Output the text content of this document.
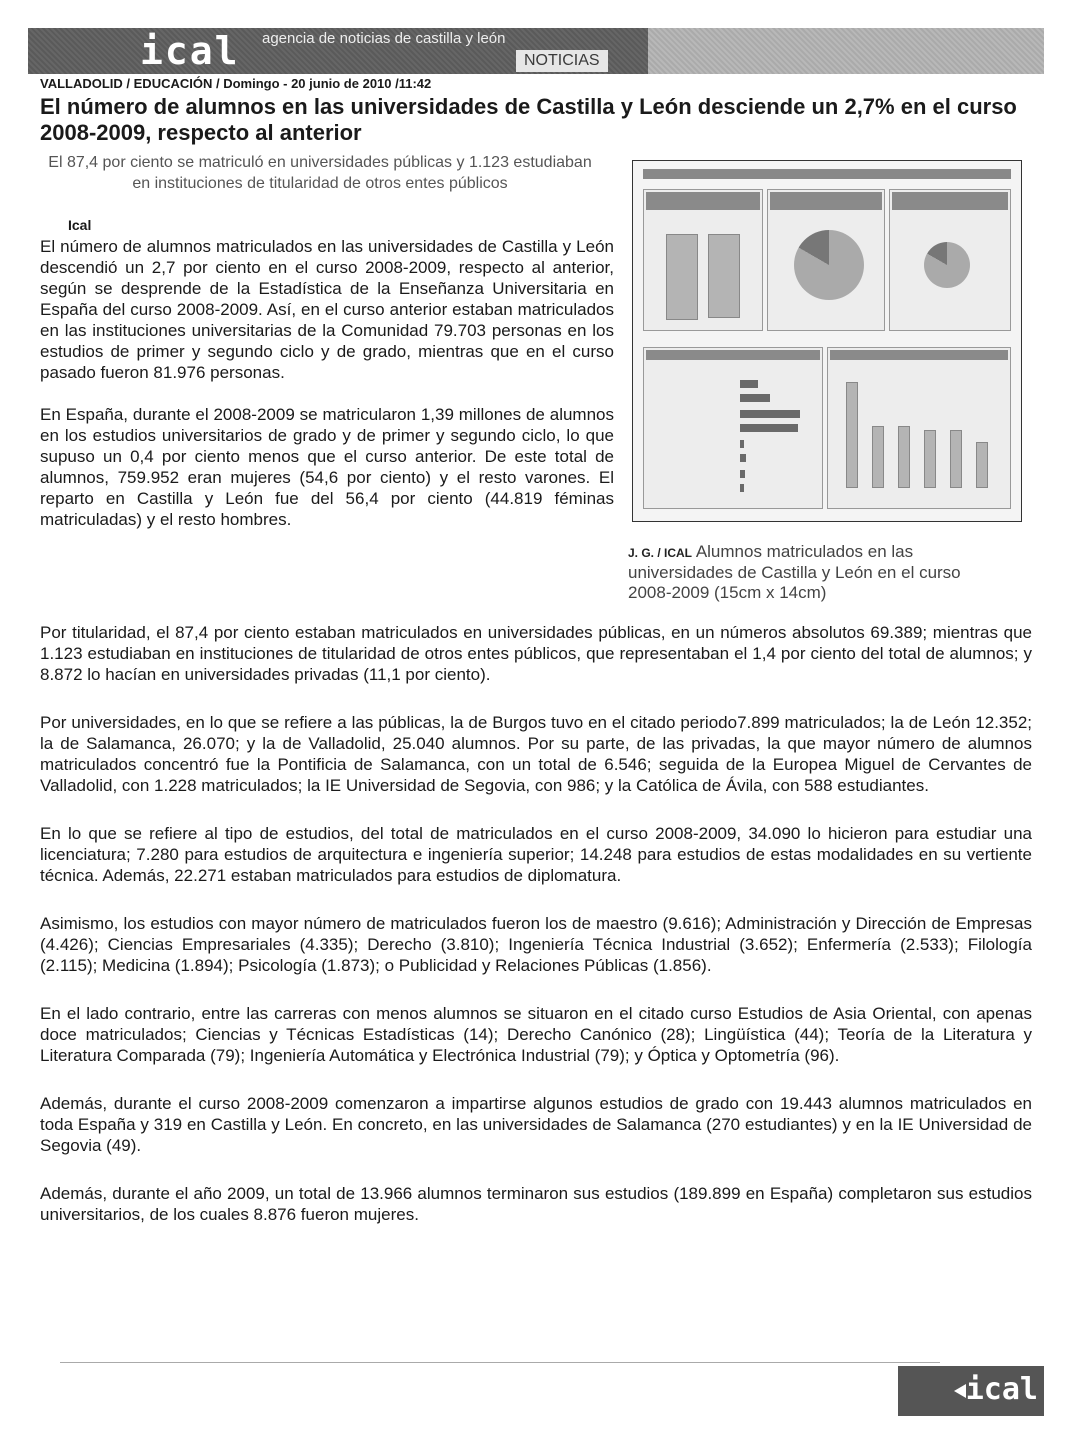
ical agencia de noticias de castilla y león
NOTICIAS
VALLADOLID / EDUCACIÓN / Domingo - 20 junio de 2010 /11:42
El número de alumnos en las universidades de Castilla y León desciende un 2,7% en el curso 2008-2009, respecto al anterior
El 87,4 por ciento se matriculó en universidades públicas y 1.123 estudiaban en instituciones de titularidad de otros entes públicos
Ical

El número de alumnos matriculados en las universidades de Castilla y León descendió un 2,7 por ciento en el curso 2008-2009, respecto al anterior, según se desprende de la Estadística de la Enseñanza Universitaria en España del curso 2008-2009. Así, en el curso anterior estaban matriculados en las instituciones universitarias de la Comunidad 79.703 personas en los estudios de primer y segundo ciclo y de grado, mientras que en el curso pasado fueron 81.976 personas.

En España, durante el 2008-2009 se matricularon 1,39 millones de alumnos en los estudios universitarios de grado y de primer y segundo ciclo, lo que supuso un 0,4 por ciento menos que el curso anterior. De este total de alumnos, 759.952 eran mujeres (54,6 por ciento) y el resto varones. El reparto en Castilla y León fue del 56,4 por ciento (44.819 féminas matriculadas) y el resto hombres.

J. G. / ICAL Alumnos matriculados en las universidades de Castilla y León en el curso 2008-2009 (15cm x 14cm)

Por titularidad, el 87,4 por ciento estaban matriculados en universidades públicas, en un números absolutos 69.389; mientras que 1.123 estudiaban en instituciones de titularidad de otros entes públicos, que representaban el 1,4 por ciento del total de alumnos; y 8.872 lo hacían en universidades privadas (11,1 por ciento).

Por universidades, en lo que se refiere a las públicas, la de Burgos tuvo en el citado periodo7.899 matriculados; la de León 12.352; la de Salamanca, 26.070; y la de Valladolid, 25.040 alumnos. Por su parte, de las privadas, la que mayor número de alumnos matriculados concentró fue la Pontificia de Salamanca, con un total de 6.546; seguida de la Europea Miguel de Cervantes de Valladolid, con 1.228 matriculados; la IE Universidad de Segovia, con 986; y la Católica de Ávila, con 588 estudiantes.

En lo que se refiere al tipo de estudios, del total de matriculados en el curso 2008-2009, 34.090 lo hicieron para estudiar una licenciatura; 7.280 para estudios de arquitectura e ingeniería superior; 14.248 para estudios de estas modalidades en su vertiente técnica. Además, 22.271 estaban matriculados para estudios de diplomatura.

Asimismo, los estudios con mayor número de matriculados fueron los de maestro (9.616); Administración y Dirección de Empresas (4.426); Ciencias Empresariales (4.335); Derecho (3.810); Ingeniería Técnica Industrial (3.652); Enfermería (2.533); Filología (2.115); Medicina (1.894); Psicología (1.873); o Publicidad y Relaciones Públicas (1.856).

En el lado contrario, entre las carreras con menos alumnos se situaron en el citado curso Estudios de Asia Oriental, con apenas doce matriculados; Ciencias y Técnicas Estadísticas (14); Derecho Canónico (28); Lingüística (44); Teoría de la Literatura y Literatura Comparada (79); Ingeniería Automática y Electrónica Industrial (79); y Óptica y Optometría (96).

Además, durante el curso 2008-2009 comenzaron a impartirse algunos estudios de grado con 19.443 alumnos matriculados en toda España y 319 en Castilla y León. En concreto, en las universidades de Salamanca (270 estudiantes) y en la IE Universidad de Segovia (49).

Además, durante el año 2009, un total de 13.966 alumnos terminaron sus estudios (189.899 en España) completaron sus estudios universitarios, de los cuales 8.876 fueron mujeres.

ical
